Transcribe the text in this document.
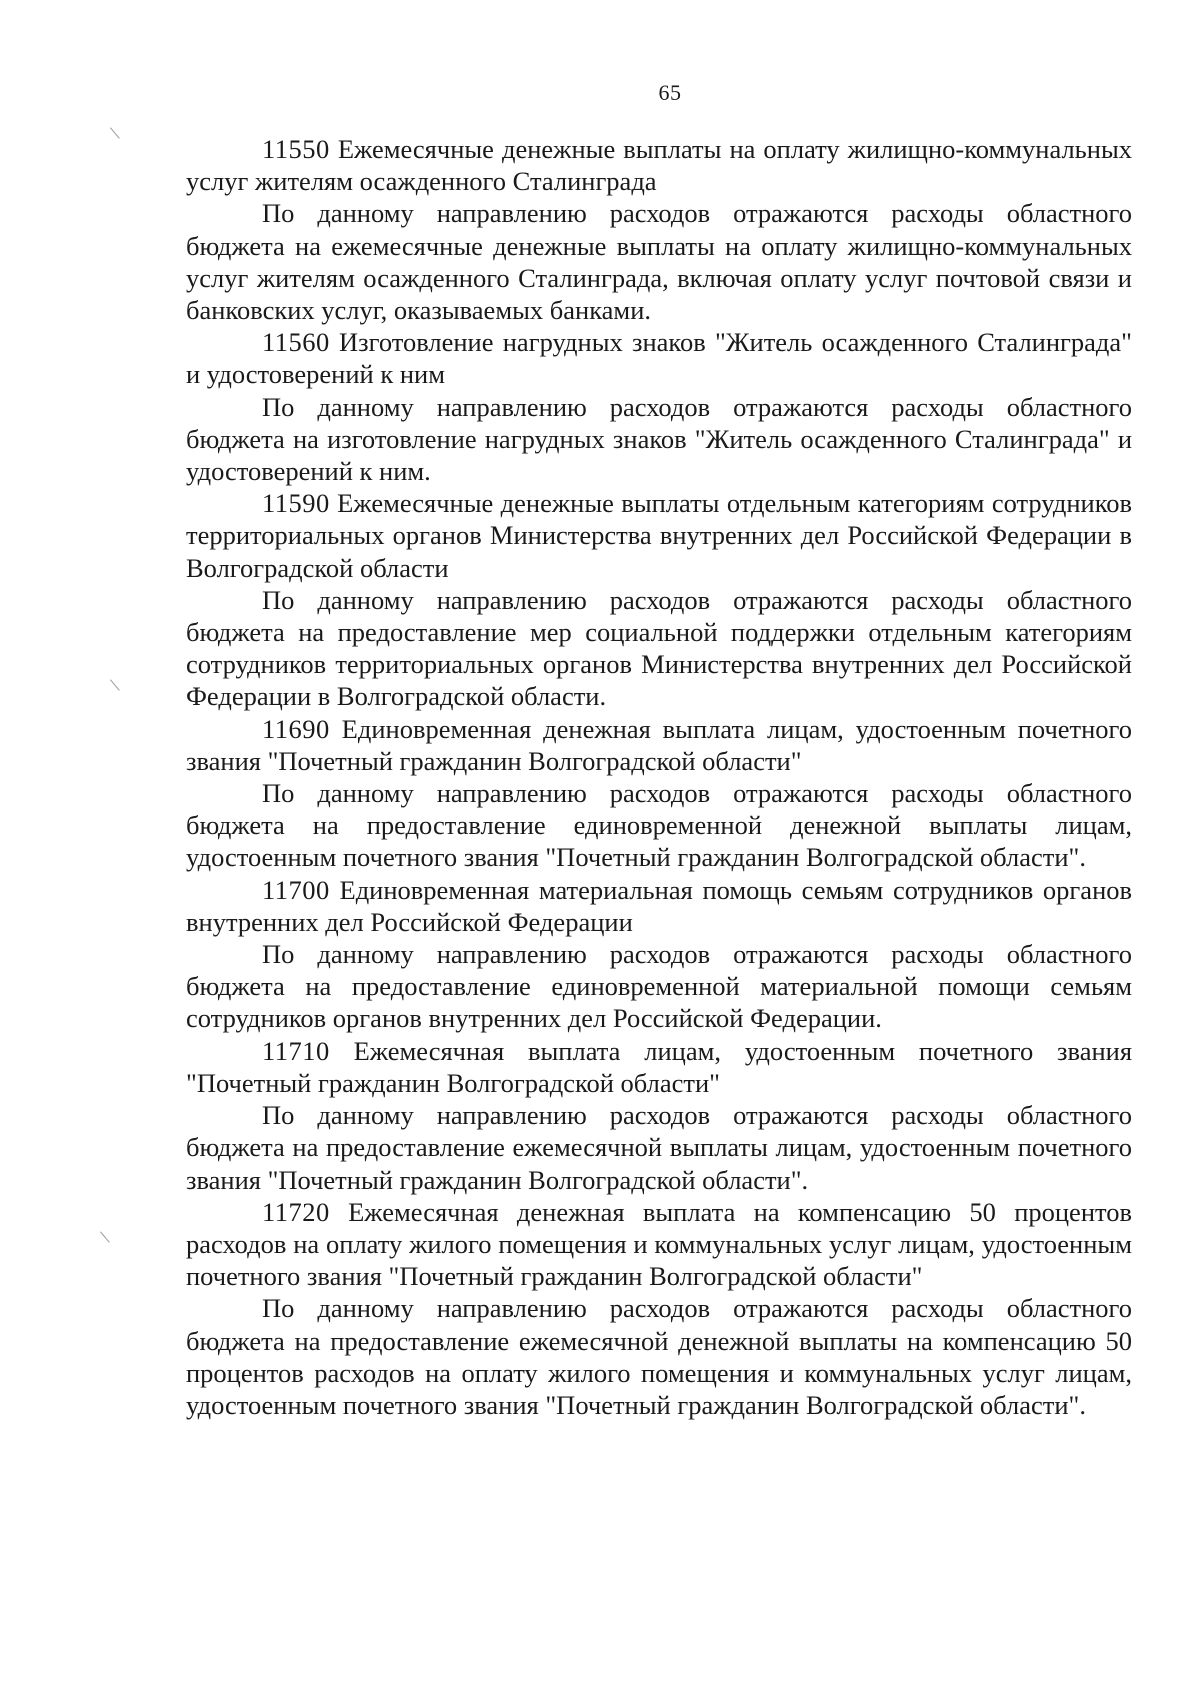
65

11550 Ежемесячные денежные выплаты на оплату жилищно-коммунальных услуг жителям осажденного Сталинграда

По данному направлению расходов отражаются расходы областного бюджета на ежемесячные денежные выплаты на оплату жилищно-коммунальных услуг жителям осажденного Сталинграда, включая оплату услуг почтовой связи и банковских услуг, оказываемых банками.

11560 Изготовление нагрудных знаков "Житель осажденного Сталинграда" и удостоверений к ним

По данному направлению расходов отражаются расходы областного бюджета на изготовление нагрудных знаков "Житель осажденного Сталинграда" и удостоверений к ним.

11590 Ежемесячные денежные выплаты отдельным категориям сотрудников территориальных органов Министерства внутренних дел Российской Федерации в Волгоградской области

По данному направлению расходов отражаются расходы областного бюджета на предоставление мер социальной поддержки отдельным категориям сотрудников территориальных органов Министерства внутренних дел Российской Федерации в Волгоградской области.

11690 Единовременная денежная выплата лицам, удостоенным почетного звания "Почетный гражданин Волгоградской области"

По данному направлению расходов отражаются расходы областного бюджета на предоставление единовременной денежной выплаты лицам, удостоенным почетного звания "Почетный гражданин Волгоградской области".

11700 Единовременная материальная помощь семьям сотрудников органов внутренних дел Российской Федерации

По данному направлению расходов отражаются расходы областного бюджета на предоставление единовременной материальной помощи семьям сотрудников органов внутренних дел Российской Федерации.

11710 Ежемесячная выплата лицам, удостоенным почетного звания "Почетный гражданин Волгоградской области"

По данному направлению расходов отражаются расходы областного бюджета на предоставление ежемесячной выплаты лицам, удостоенным почетного звания "Почетный гражданин Волгоградской области".

11720 Ежемесячная денежная выплата на компенсацию 50 процентов расходов на оплату жилого помещения и коммунальных услуг лицам, удостоенным почетного звания "Почетный гражданин Волгоградской области"

По данному направлению расходов отражаются расходы областного бюджета на предоставление ежемесячной денежной выплаты на компенсацию 50 процентов расходов на оплату жилого помещения и коммунальных услуг лицам, удостоенным почетного звания "Почетный гражданин Волгоградской области".
